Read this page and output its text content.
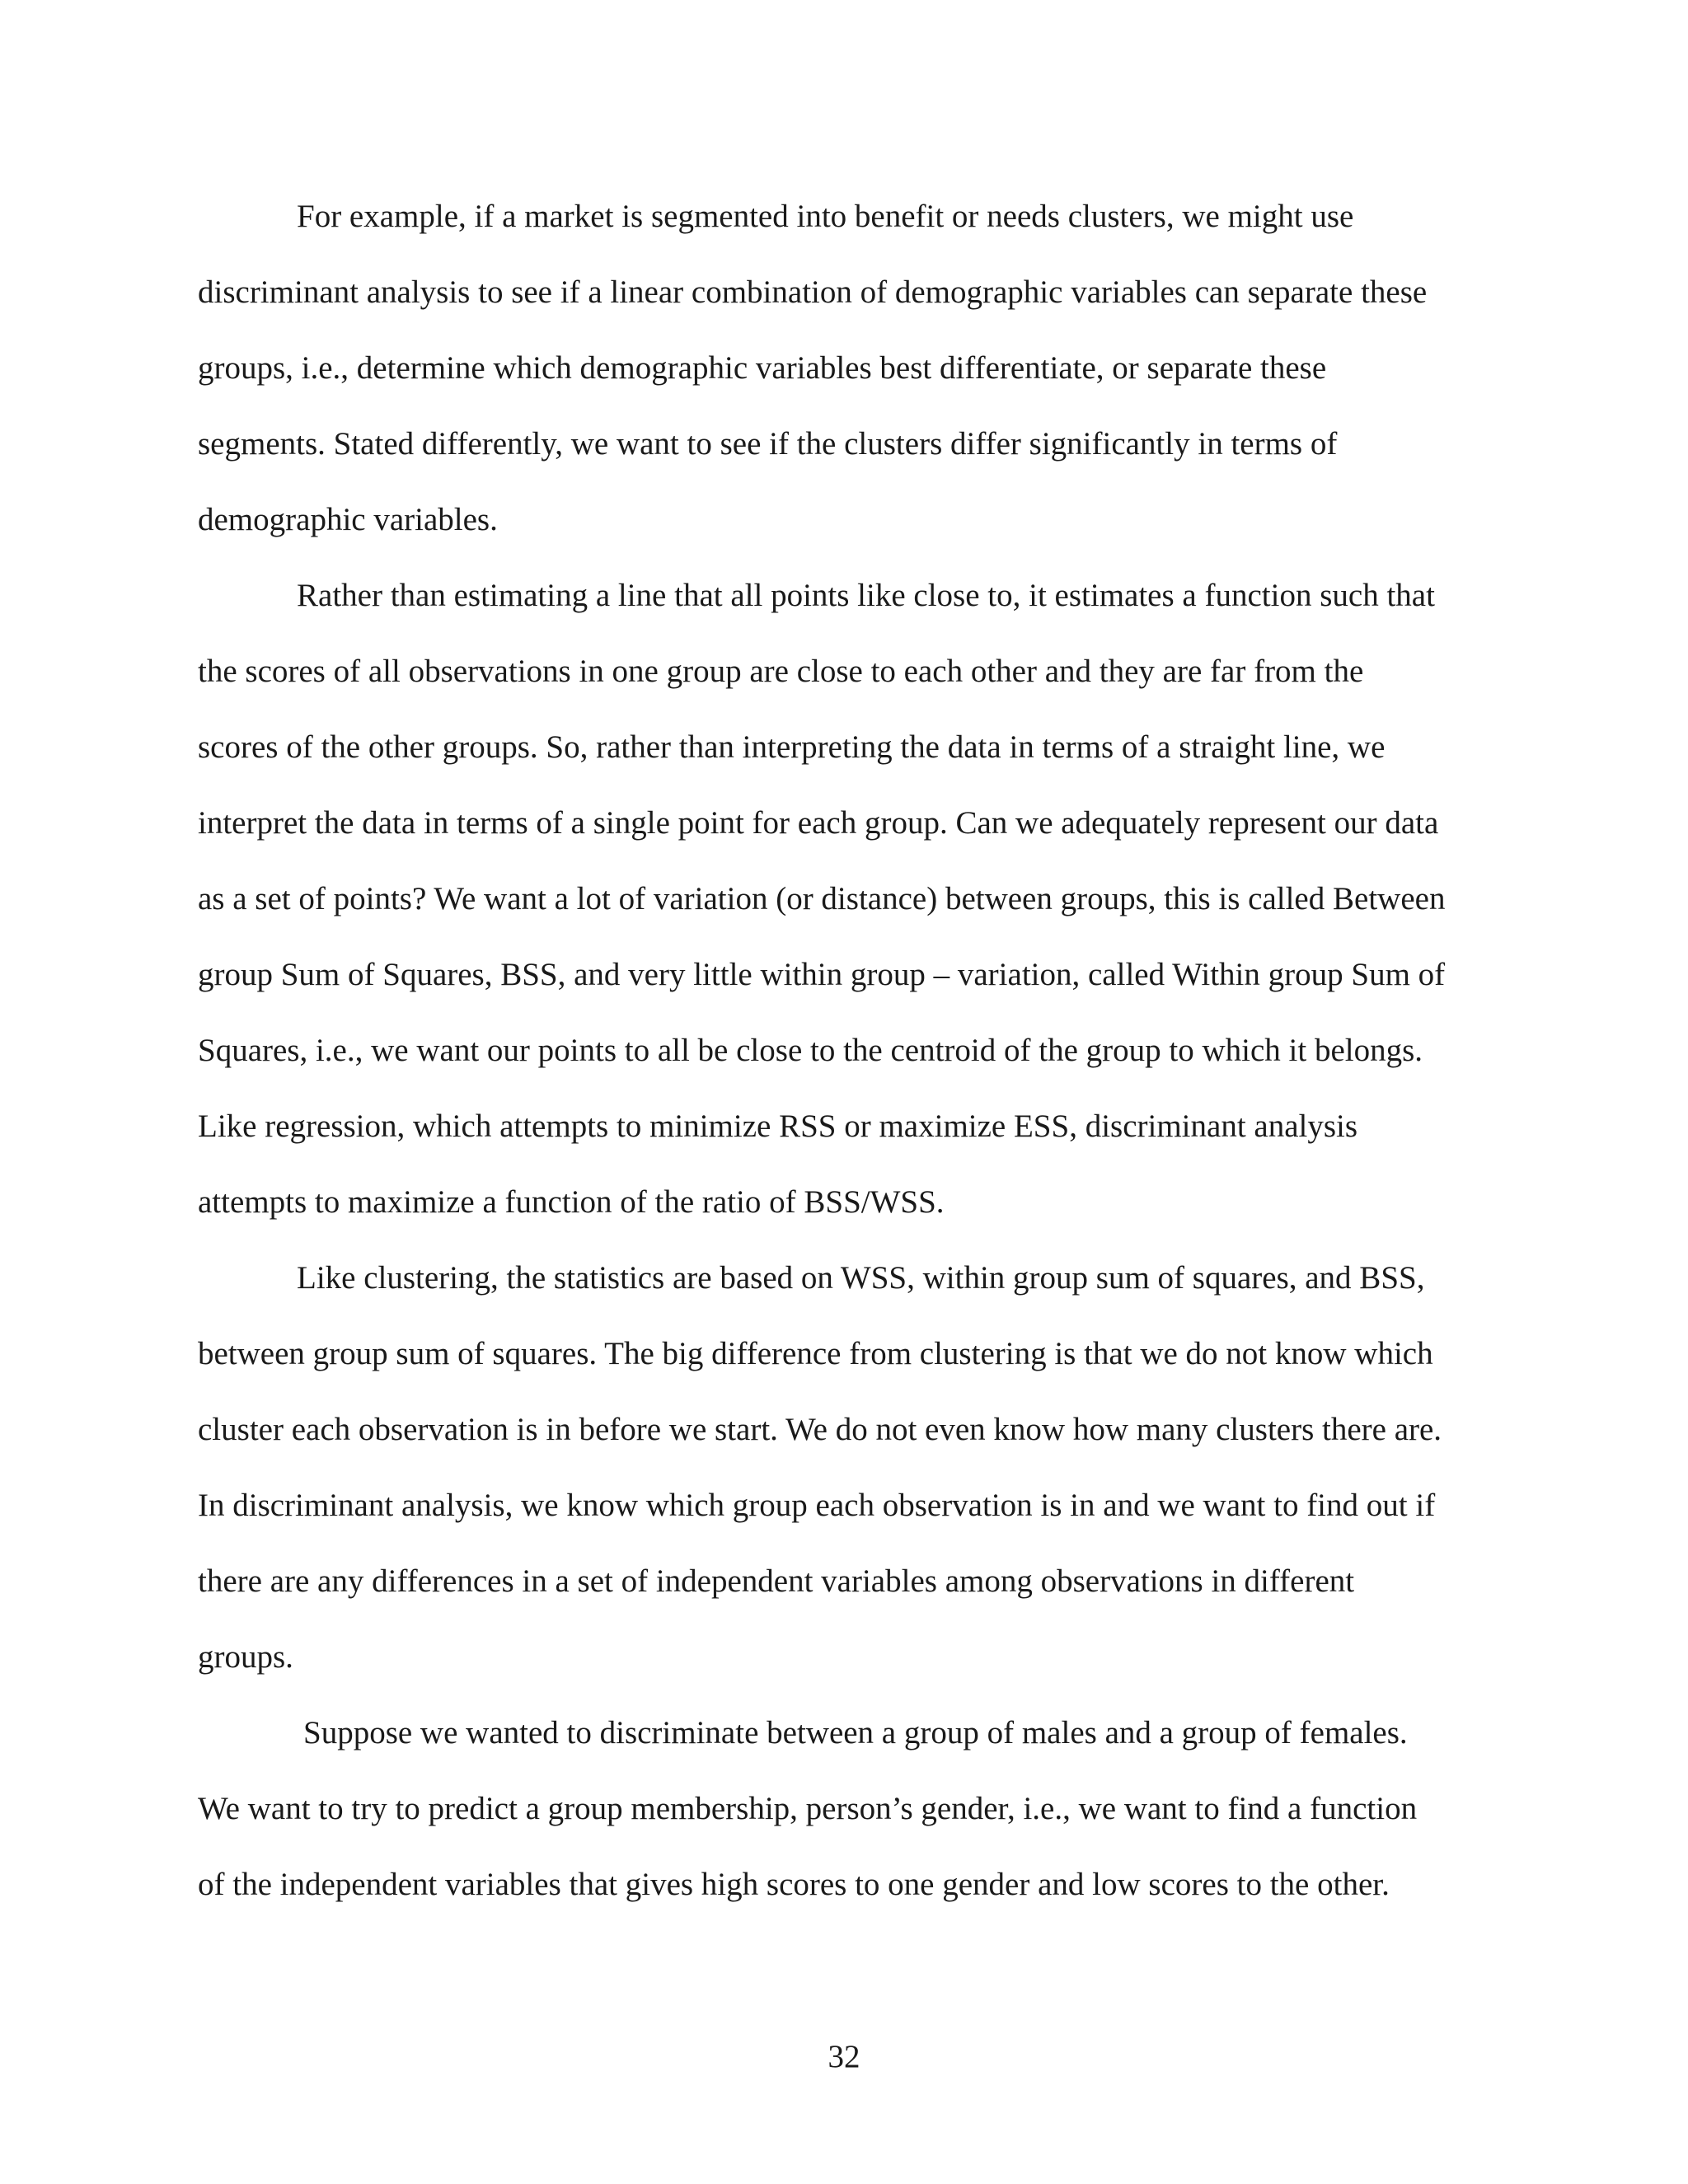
For example, if a market is segmented into benefit or needs clusters, we might use
discriminant analysis to see if a linear combination of demographic variables can separate these
groups, i.e., determine which demographic variables best differentiate, or separate these
segments. Stated differently, we want to see if the clusters differ significantly in terms of
demographic variables.
Rather than estimating a line that all points like close to, it estimates a function such that
the scores of all observations in one group are close to each other and they are far from the
scores of the other groups. So, rather than interpreting the data in terms of a straight line, we
interpret the data in terms of a single point for each group. Can we adequately represent our data
as a set of points? We want a lot of variation (or distance) between groups, this is called Between
group Sum of Squares, BSS, and very little within group – variation, called Within group Sum of
Squares, i.e., we want our points to all be close to the centroid of the group to which it belongs.
Like regression, which attempts to minimize RSS or maximize ESS, discriminant analysis
attempts to maximize a function of the ratio of BSS/WSS.
Like clustering, the statistics are based on WSS, within group sum of squares, and BSS,
between group sum of squares. The big difference from clustering is that we do not know which
cluster each observation is in before we start. We do not even know how many clusters there are.
In discriminant analysis, we know which group each observation is in and we want to find out if
there are any differences in a set of independent variables among observations in different
groups.
Suppose we wanted to discriminate between a group of males and a group of females.
We want to try to predict a group membership, person’s gender, i.e., we want to find a function
of the independent variables that gives high scores to one gender and low scores to the other.
32
